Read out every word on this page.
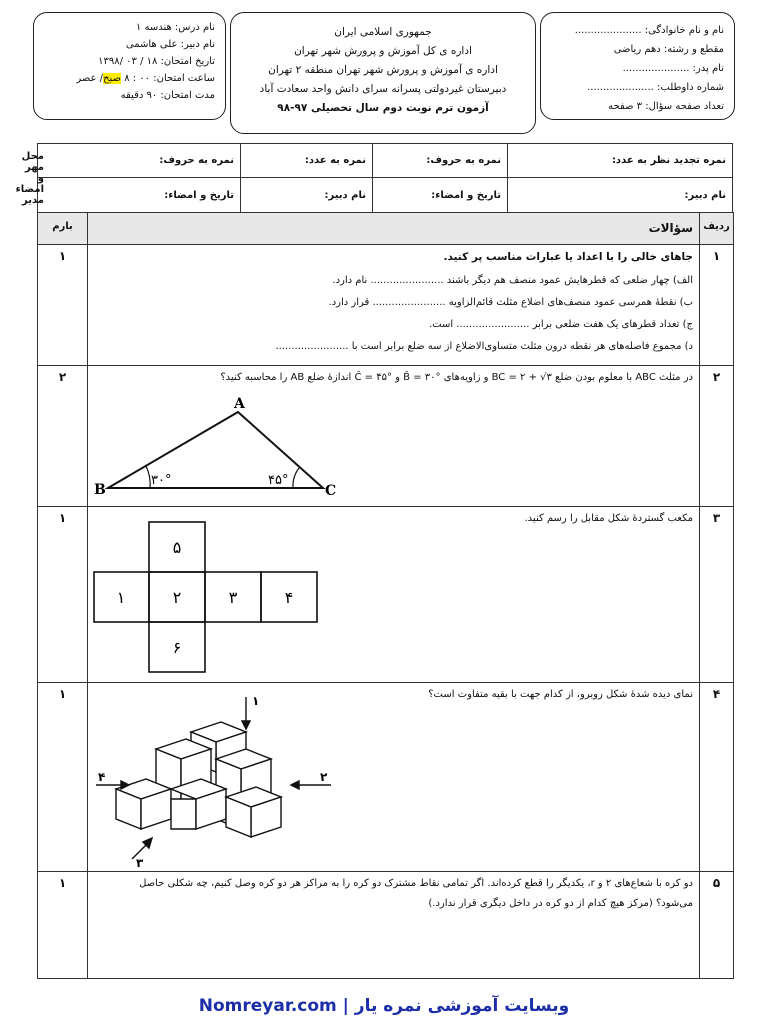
نام و نام خانوادگی: .....................
مقطع و رشته: دهم ریاضی
نام پدر: .....................
شماره داوطلب: .....................
تعداد صفحه سؤال: ۳ صفحه
جمهوری اسلامی ایران
اداره ی کل آموزش و پرورش شهر تهران
اداره ی آموزش و پرورش شهر تهران منطقه ۲ تهران
دبیرستان غیردولتی پسرانه سرای دانش واحد سعادت آباد
آزمون ترم نوبت دوم سال تحصیلی ۹۷-۹۸
نام درس: هندسه ۱
نام دبیر: علی هاشمی
تاریخ امتحان: ۱۸ / ۰۳ /۱۳۹۸
ساعت امتحان: ۰۰ : ۸ صبح/ عصر
مدت امتحان: ۹۰ دقیقه
نمره تجدید نظر به عدد:	نمره به حروف:	نمره به عدد:	نمره به حروف:	محل مهر و امضاء مدیر
نام دبیر:	تاریخ و امضاء:	نام دبیر:	تاریخ و امضاء:	
بارم	ردیف
سؤالات
۱	۱
جاهای خالی را با اعداد یا عبارات مناسب پر کنید.
الف) چهار ضلعی که قطرهایش عمود منصف هم دیگر باشند ....................... نام دارد.
ب) نقطهٔ همرسی عمود منصف‌های اضلاع مثلث قائم‌الزاویه ....................... قرار دارد.
ج) تعداد قطرهای یک هفت ضلعی برابر ....................... است.
د) مجموع فاصله‌های هر نقطه درون مثلث متساوی‌الاضلاع از سه ضلع برابر است با .......................
۲	۲
در مثلث ABC با معلوم بودن ضلع BC = ۲ + √۳ و زاویه‌های B̂ = ۳۰° و Ĉ = ۴۵° اندازهٔ ضلع AB را محاسبه کنید؟
A
B	C
۳۰°	۴۵°
۱	۳
مکعب گستردهٔ شکل مقابل را رسم کنید.
۵
۱	۲	۳	۴
۶
۱	۴
نمای دیده شدهٔ شکل روبرو، از کدام جهت با بقیه متفاوت است؟
۱
۲
۳
۴
۱	۵
دو کره با شعاع‌های ۲ و r، یکدیگر را قطع کرده‌اند. اگر تمامی نقاط مشترک دو کره را به مراکز هر دو کره وصل کنیم، چه شکلی حاصل
می‌شود؟ (مرکز هیچ کدام از دو کره در داخل دیگری قرار ندارد.)
وبسایت آموزشی نمره یار | Nomreyar.com
